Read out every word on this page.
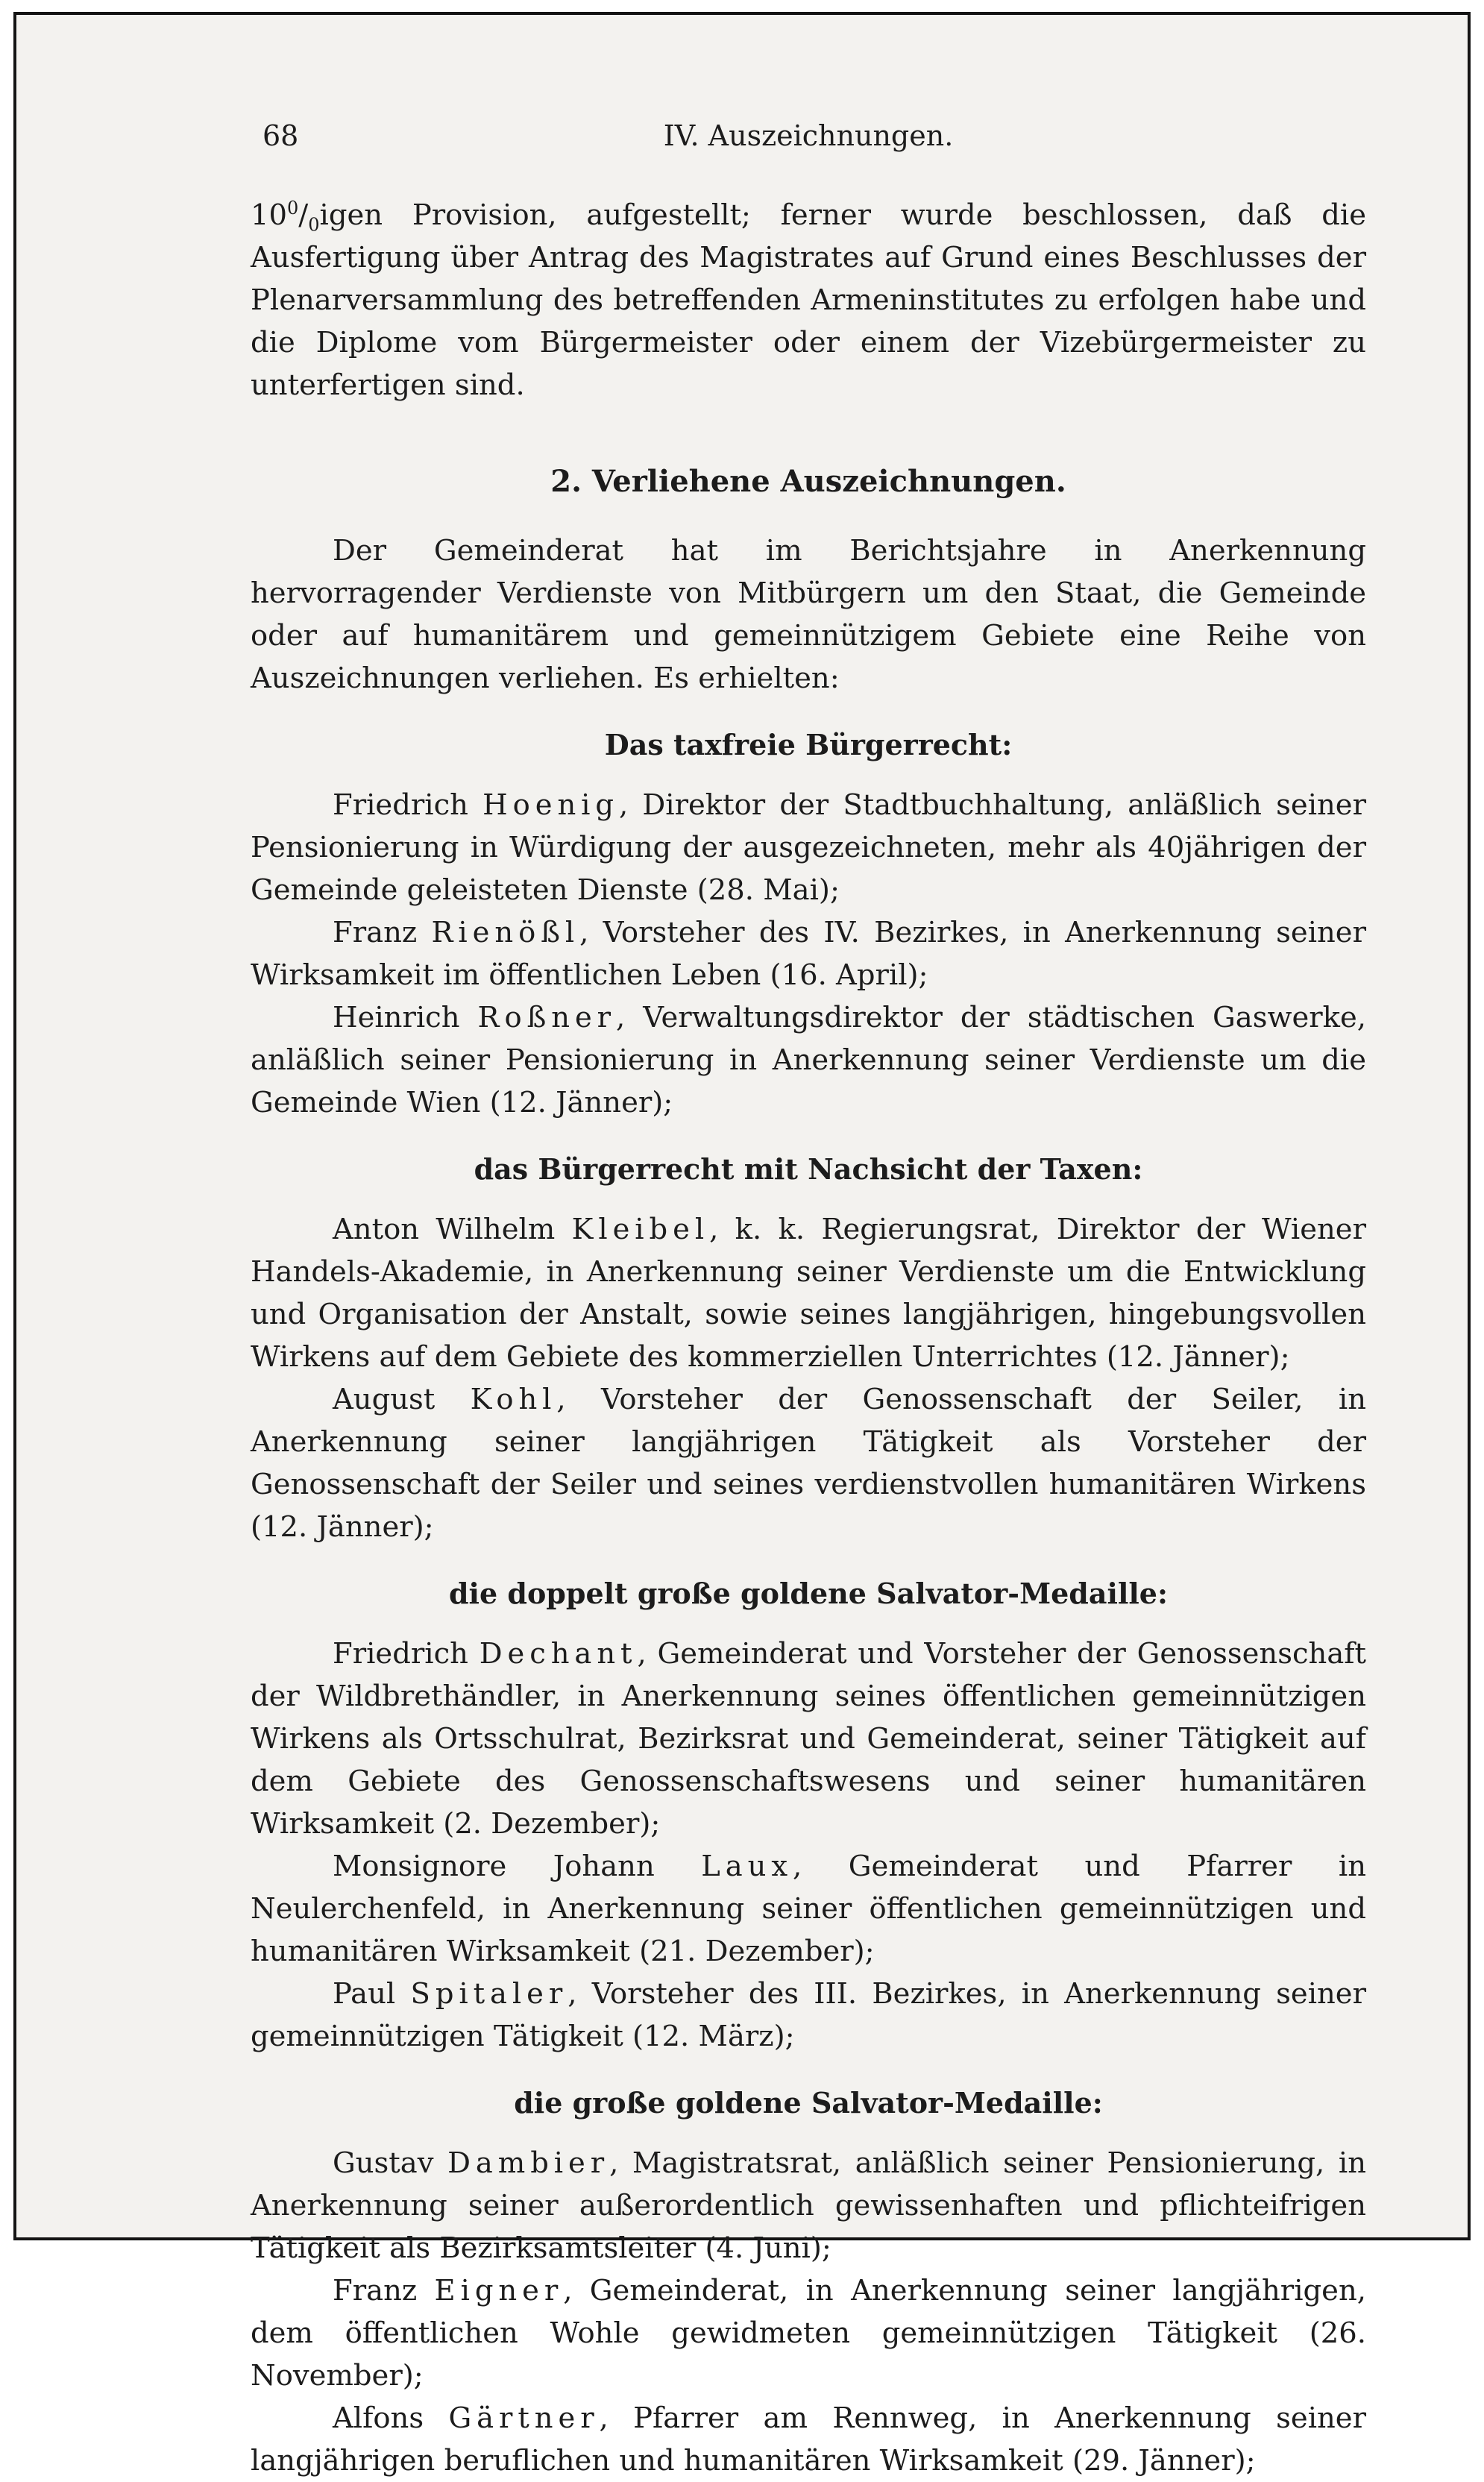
68	IV. Auszeichnungen.

$10^0/_0igen$ Provision, aufgestellt; ferner wurde beschlossen, daß die Ausfertigung über Antrag des Magistrates auf Grund eines Beschlusses der Plenarversammlung des betreffenden Armeninstitutes zu erfolgen habe und die Diplome vom Bürgermeister oder einem der Vizebürgermeister zu unterfertigen sind.

2. Verliehene Auszeichnungen.

Der Gemeinderat hat im Berichtsjahre in Anerkennung hervorragender Verdienste von Mitbürgern um den Staat, die Gemeinde oder auf humanitärem und gemeinnützigem Gebiete eine Reihe von Auszeichnungen verliehen. Es erhielten:

Das taxfreie Bürgerrecht:

Friedrich Hoenig, Direktor der Stadtbuchhaltung, anläßlich seiner Pensionierung in Würdigung der ausgezeichneten, mehr als 40jährigen der Gemeinde geleisteten Dienste (28. Mai);

Franz Rienößl, Vorsteher des IV. Bezirkes, in Anerkennung seiner Wirksamkeit im öffentlichen Leben (16. April);

Heinrich Roßner, Verwaltungsdirektor der städtischen Gaswerke, anläßlich seiner Pensionierung in Anerkennung seiner Verdienste um die Gemeinde Wien (12. Jänner);

das Bürgerrecht mit Nachsicht der Taxen:

Anton Wilhelm Kleibel, k. k. Regierungsrat, Direktor der Wiener Handels-Akademie, in Anerkennung seiner Verdienste um die Entwicklung und Organisation der Anstalt, sowie seines langjährigen, hingebungsvollen Wirkens auf dem Gebiete des kommerziellen Unterrichtes (12. Jänner);

August Kohl, Vorsteher der Genossenschaft der Seiler, in Anerkennung seiner langjährigen Tätigkeit als Vorsteher der Genossenschaft der Seiler und seines verdienstvollen humanitären Wirkens (12. Jänner);

die doppelt große goldene Salvator-Medaille:

Friedrich Dechant, Gemeinderat und Vorsteher der Genossenschaft der Wildbrethändler, in Anerkennung seines öffentlichen gemeinnützigen Wirkens als Ortsschulrat, Bezirksrat und Gemeinderat, seiner Tätigkeit auf dem Gebiete des Genossenschaftswesens und seiner humanitären Wirksamkeit (2. Dezember);

Monsignore Johann Laux, Gemeinderat und Pfarrer in Neulerchenfeld, in Anerkennung seiner öffentlichen gemeinnützigen und humanitären Wirksamkeit (21. Dezember);

Paul Spitaler, Vorsteher des III. Bezirkes, in Anerkennung seiner gemeinnützigen Tätigkeit (12. März);

die große goldene Salvator-Medaille:

Gustav Dambier, Magistratsrat, anläßlich seiner Pensionierung, in Anerkennung seiner außerordentlich gewissenhaften und pflichteifrigen Tätigkeit als Bezirksamtsleiter (4. Juni);

Franz Eigner, Gemeinderat, in Anerkennung seiner langjährigen, dem öffentlichen Wohle gewidmeten gemeinnützigen Tätigkeit (26. November);

Alfons Gärtner, Pfarrer am Rennweg, in Anerkennung seiner langjährigen beruflichen und humanitären Wirksamkeit (29. Jänner);
